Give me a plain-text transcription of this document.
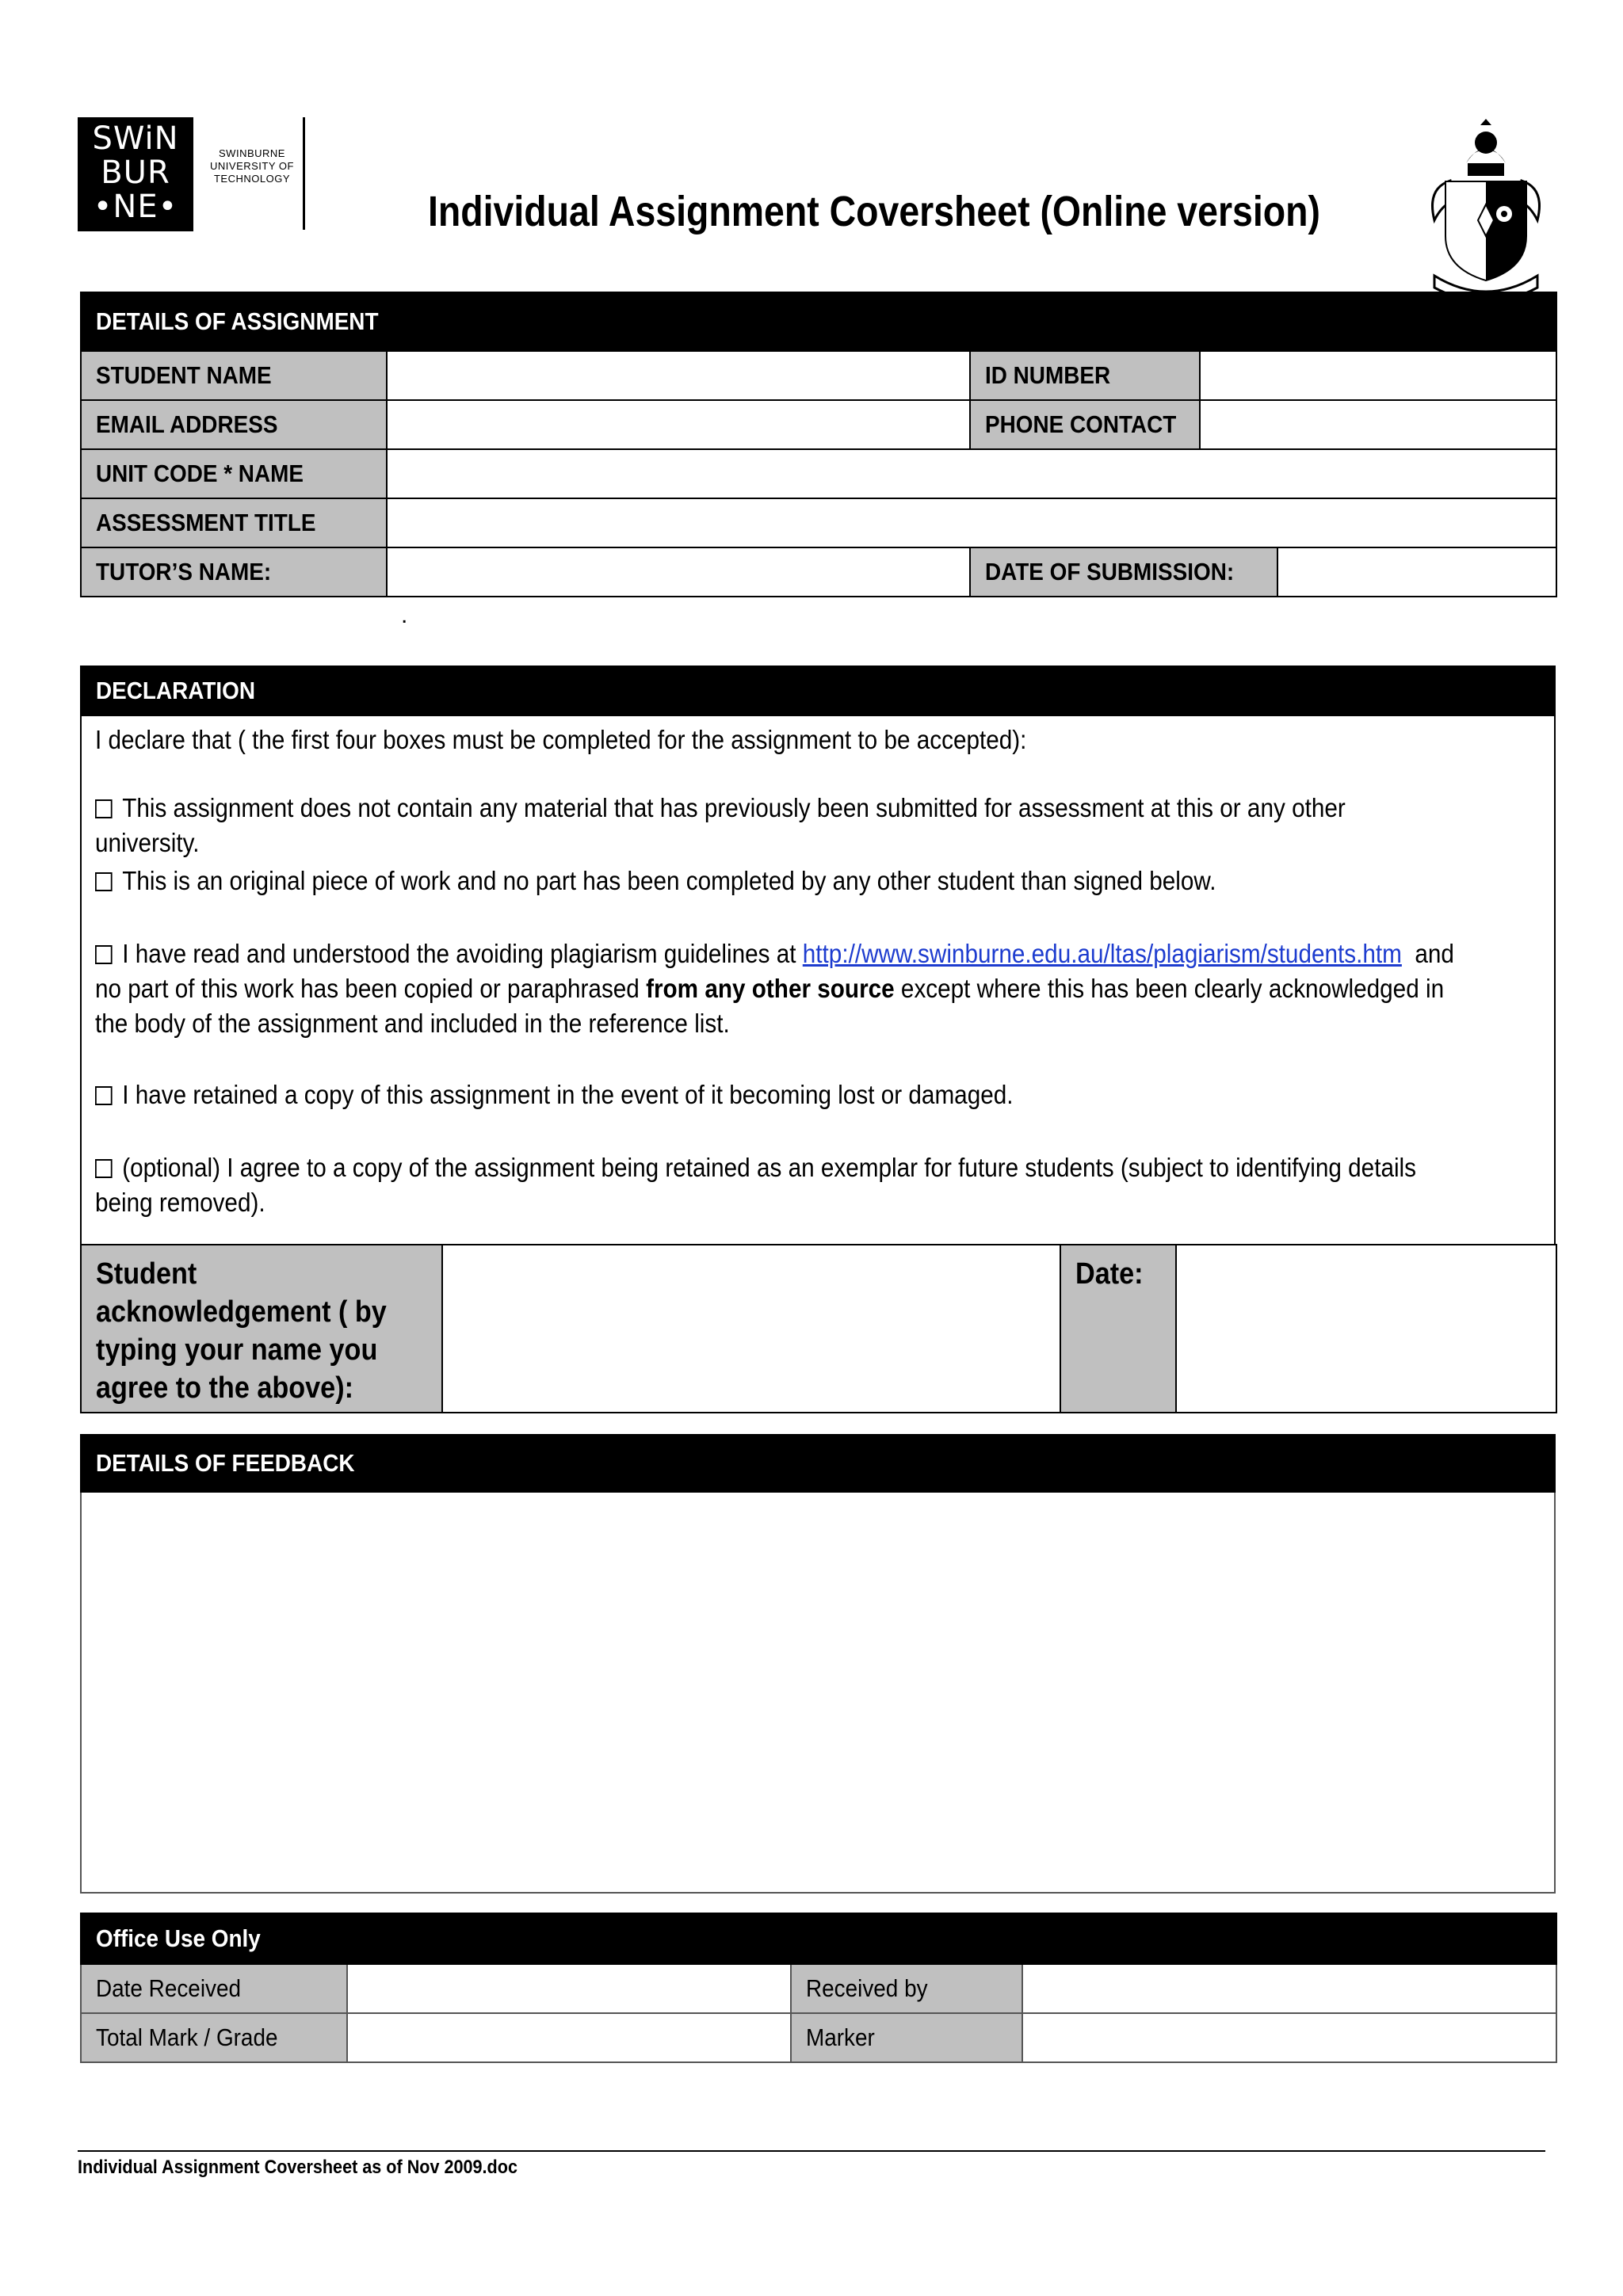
SWiN
BUR
•NE•
SWINBURNE
UNIVERSITY OF
TECHNOLOGY
Individual Assignment Coversheet (Online version)
DETAILS OF ASSIGNMENT				
STUDENT NAME		ID NUMBER		
EMAIL ADDRESS		PHONE CONTACT		
UNIT CODE * NAME				
ASSESSMENT TITLE				
TUTOR’S NAME:		DATE OF SUBMISSION:		
.
DECLARATION
I declare that ( the first four boxes must be completed for the assignment to be accepted):
This assignment does not contain any material that has previously been submitted for assessment at this or any other university.
This is an original piece of work and no part has been completed by any other student than signed below.
I have read and understood the avoiding plagiarism guidelines at http://www.swinburne.edu.au/ltas/plagiarism/students.htm and
no part of this work has been copied or paraphrased from any other source except where this has been clearly acknowledged in
the body of the assignment and included in the reference list.
I have retained a copy of this assignment in the event of it becoming lost or damaged.
(optional) I agree to a copy of the assignment being retained as an exemplar for future students (subject to identifying details
being removed).
Student
acknowledgement ( by
typing your name you
agree to the above):
		Date:	
DETAILS OF FEEDBACK

Office Use Only			
Date Received		Received by	
Total Mark / Grade		Marker	
Individual Assignment Coversheet as of Nov 2009.doc
